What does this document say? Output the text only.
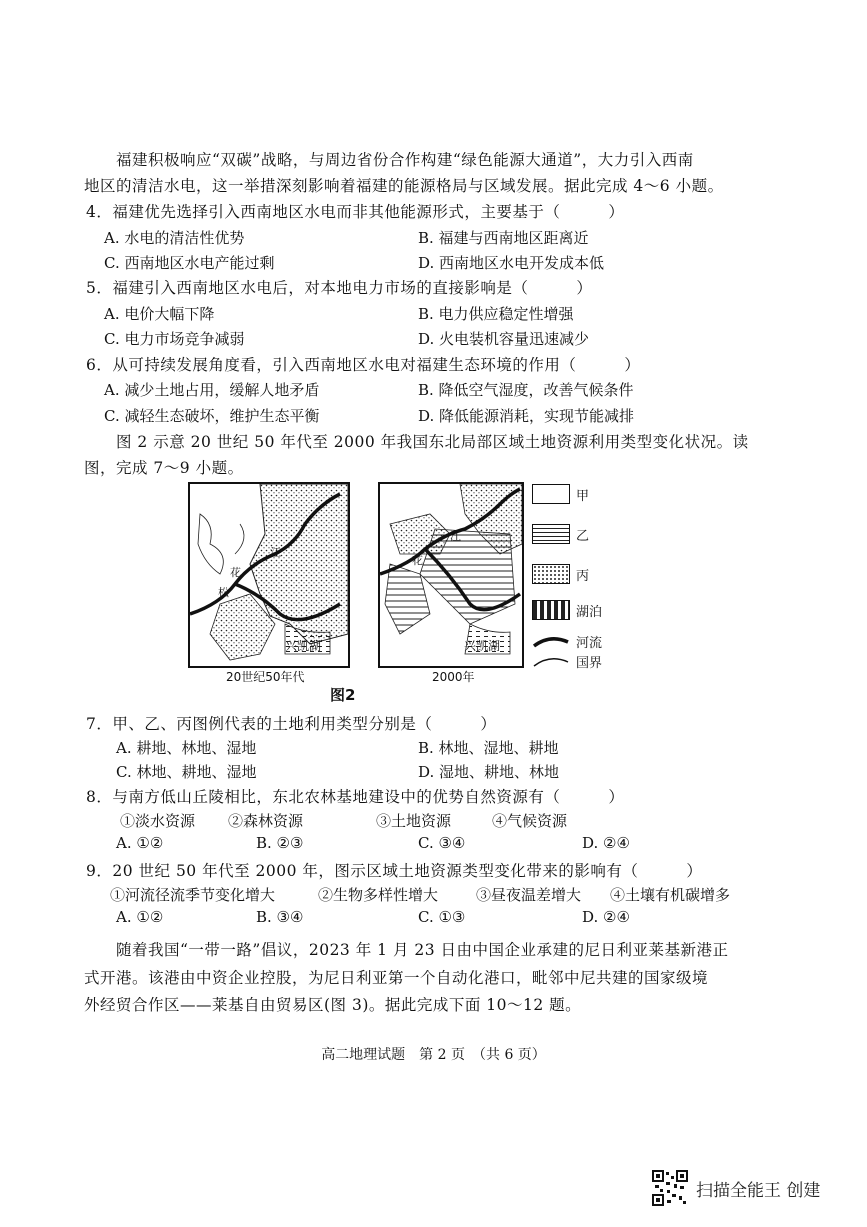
福建积极响应“双碳”战略，与周边省份合作构建“绿色能源大通道”，大力引入西南
地区的清洁水电，这一举措深刻影响着福建的能源格局与区域发展。据此完成 4～6 小题。
4．福建优先选择引入西南地区水电而非其他能源形式，主要基于（　　　）
A. 水电的清洁性优势	B. 福建与西南地区距离近
C. 西南地区水电产能过剩	D. 西南地区水电开发成本低
5．福建引入西南地区水电后，对本地电力市场的直接影响是（　　　）
A. 电价大幅下降	B. 电力供应稳定性增强
C. 电力市场竞争减弱	D. 火电装机容量迅速减少
6．从可持续发展角度看，引入西南地区水电对福建生态环境的作用（　　　）
A. 减少土地占用，缓解人地矛盾	B. 降低空气湿度，改善气候条件
C. 减轻生态破坏，维护生态平衡	D. 降低能源消耗，实现节能减排
图 2 示意 20 世纪 50 年代至 2000 年我国东北局部区域土地资源利用类型变化状况。读
图，完成 7～9 小题。
江
花
松
兴凯湖
江
花
兴凯湖
20世纪50年代	2000年
图2
甲
乙
丙
湖泊
河流
国界
7．甲、乙、丙图例代表的土地利用类型分别是（　　　）
A. 耕地、林地、湿地	B. 林地、湿地、耕地
C. 林地、耕地、湿地	D. 湿地、耕地、林地
8．与南方低山丘陵相比，东北农林基地建设中的优势自然资源有（　　　）
①淡水资源 ②森林资源	③土地资源	④气候资源
A. ①②	B. ②③	C. ③④	D. ②④
9．20 世纪 50 年代至 2000 年，图示区域土地资源类型变化带来的影响有（　　　）
①河流径流季节变化增大	②生物多样性增大	③昼夜温差增大 ④土壤有机碳增多
A. ①②	B. ③④	C. ①③	D. ②④
随着我国“一带一路”倡议，2023 年 1 月 23 日由中国企业承建的尼日利亚莱基新港正
式开港。该港由中资企业控股，为尼日利亚第一个自动化港口，毗邻中尼共建的国家级境
外经贸合作区——莱基自由贸易区(图 3)。据此完成下面 10～12 题。
高二地理试题　第 2 页　（共 6 页）
扫描全能王 创建
